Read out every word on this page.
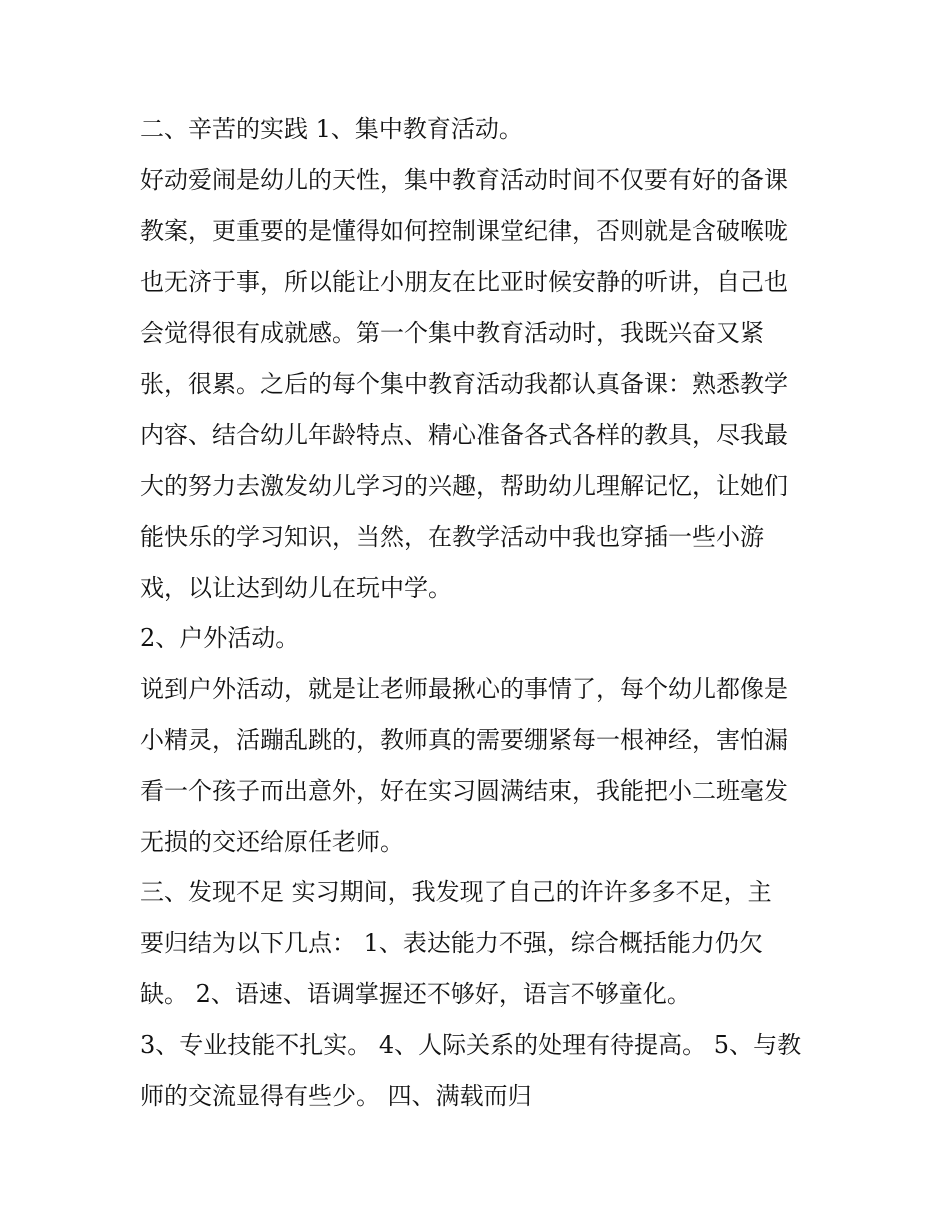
二、辛苦的实践 1、集中教育活动。
好动爱闹是幼儿的天性，集中教育活动时间不仅要有好的备课
教案，更重要的是懂得如何控制课堂纪律，否则就是含破喉咙
也无济于事，所以能让小朋友在比亚时候安静的听讲，自己也
会觉得很有成就感。第一个集中教育活动时，我既兴奋又紧
张，很累。之后的每个集中教育活动我都认真备课：熟悉教学
内容、结合幼儿年龄特点、精心准备各式各样的教具，尽我最
大的努力去激发幼儿学习的兴趣，帮助幼儿理解记忆，让她们
能快乐的学习知识，当然，在教学活动中我也穿插一些小游
戏，以让达到幼儿在玩中学。
2、户外活动。
说到户外活动，就是让老师最揪心的事情了，每个幼儿都像是
小精灵，活蹦乱跳的，教师真的需要绷紧每一根神经，害怕漏
看一个孩子而出意外，好在实习圆满结束，我能把小二班毫发
无损的交还给原任老师。
三、发现不足 实习期间，我发现了自己的许许多多不足，主
要归结为以下几点： 1、表达能力不强，综合概括能力仍欠
缺。 2、语速、语调掌握还不够好，语言不够童化。
3、专业技能不扎实。 4、人际关系的处理有待提高。 5、与教
师的交流显得有些少。 四、满载而归
